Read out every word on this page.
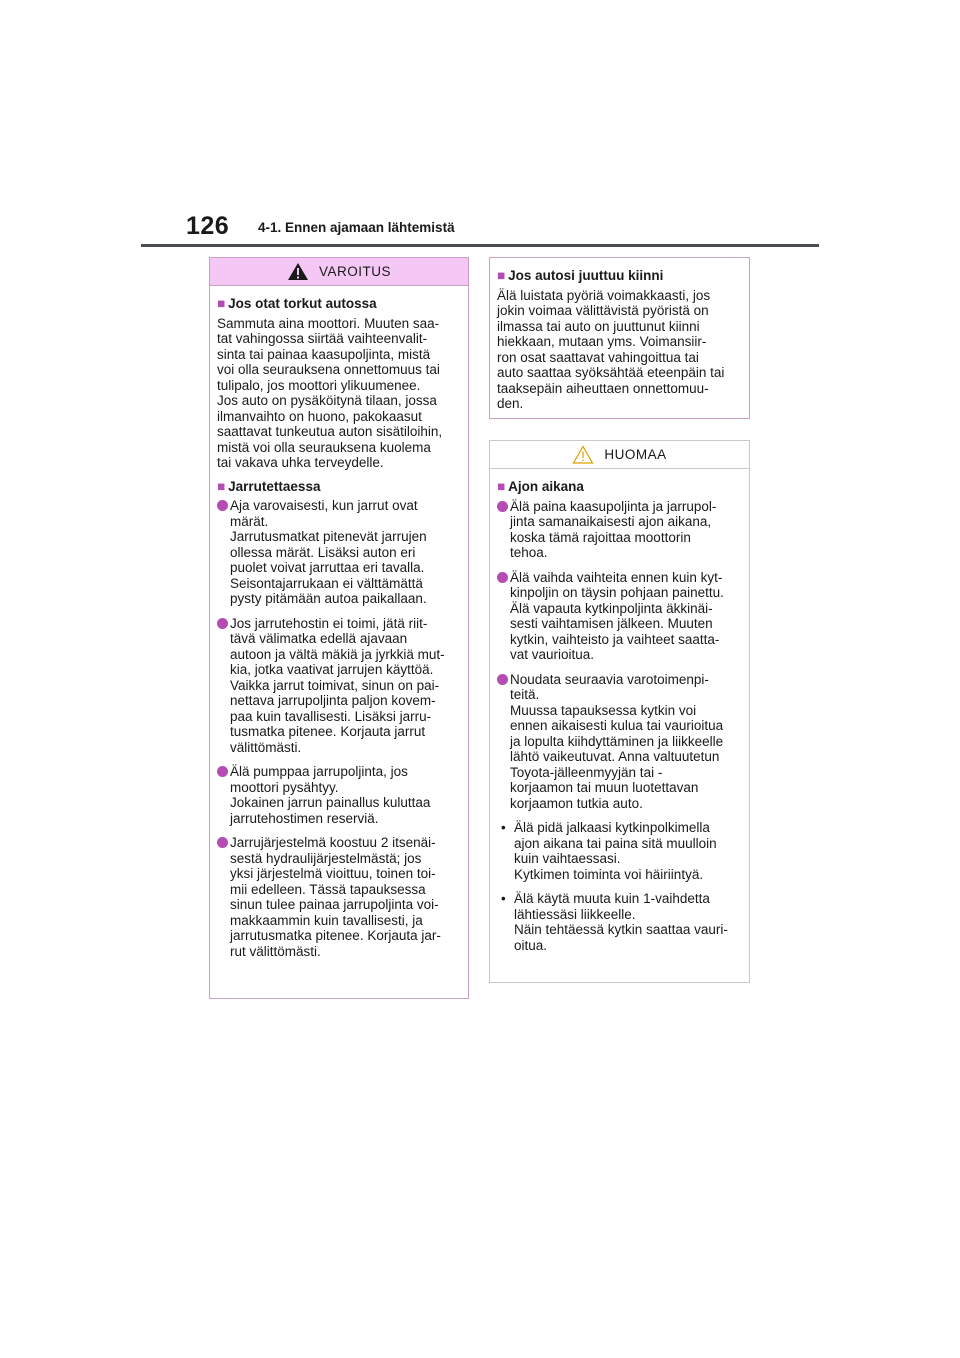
126 4-1. Ennen ajamaan lähtemistä
VAROITUS
■ Jos otat torkut autossa
Sammuta aina moottori. Muuten saa-
tat vahingossa siirtää vaihteenvalit-
sinta tai painaa kaasupoljinta, mistä
voi olla seurauksena onnettomuus tai
tulipalo, jos moottori ylikuumenee.
Jos auto on pysäköitynä tilaan, jossa
ilmanvaihto on huono, pakokaasut
saattavat tunkeutua auton sisätiloihin,
mistä voi olla seurauksena kuolema
tai vakava uhka terveydelle.
■ Jarrutettaessa
Aja varovaisesti, kun jarrut ovat
märät.
Jarrutusmatkat pitenevät jarrujen
ollessa märät. Lisäksi auton eri
puolet voivat jarruttaa eri tavalla.
Seisontajarrukaan ei välttämättä
pysty pitämään autoa paikallaan.
Jos jarrutehostin ei toimi, jätä riit-
tävä välimatka edellä ajavaan
autoon ja vältä mäkiä ja jyrkkiä mut-
kia, jotka vaativat jarrujen käyttöä.
Vaikka jarrut toimivat, sinun on pai-
nettava jarrupoljinta paljon kovem-
paa kuin tavallisesti. Lisäksi jarru-
tusmatka pitenee. Korjauta jarrut
välittömästi.
Älä pumppaa jarrupoljinta, jos
moottori pysähtyy.
Jokainen jarrun painallus kuluttaa
jarrutehostimen reserviä.
Jarrujärjestelmä koostuu 2 itsenäi-
sestä hydraulijärjestelmästä; jos
yksi järjestelmä vioittuu, toinen toi-
mii edelleen. Tässä tapauksessa
sinun tulee painaa jarrupoljinta voi-
makkaammin kuin tavallisesti, ja
jarrutusmatka pitenee. Korjauta jar-
rut välittömästi.
■ Jos autosi juuttuu kiinni
Älä luistata pyöriä voimakkaasti, jos
jokin voimaa välittävistä pyöristä on
ilmassa tai auto on juuttunut kiinni
hiekkaan, mutaan yms. Voimansiir-
ron osat saattavat vahingoittua tai
auto saattaa syöksähtää eteenpäin tai
taaksepäin aiheuttaen onnettomuu-
den.
HUOMAA
■ Ajon aikana
Älä paina kaasupoljinta ja jarrupol-
jinta samanaikaisesti ajon aikana,
koska tämä rajoittaa moottorin
tehoa.
Älä vaihda vaihteita ennen kuin kyt-
kinpoljin on täysin pohjaan painettu.
Älä vapauta kytkinpoljinta äkkinäi-
sesti vaihtamisen jälkeen. Muuten
kytkin, vaihteisto ja vaihteet saatta-
vat vaurioitua.
Noudata seuraavia varotoimenpi-
teitä.
Muussa tapauksessa kytkin voi
ennen aikaisesti kulua tai vaurioitua
ja lopulta kiihdyttäminen ja liikkeelle
lähtö vaikeutuvat. Anna valtuutetun
Toyota-jälleenmyyjän tai -
korjaamon tai muun luotettavan
korjaamon tutkia auto.
• Älä pidä jalkaasi kytkinpolkimella
ajon aikana tai paina sitä muulloin
kuin vaihtaessasi.
Kytkimen toiminta voi häiriintyä.
• Älä käytä muuta kuin 1-vaihdetta
lähtiessäsi liikkeelle.
Näin tehtäessä kytkin saattaa vauri-
oitua.
